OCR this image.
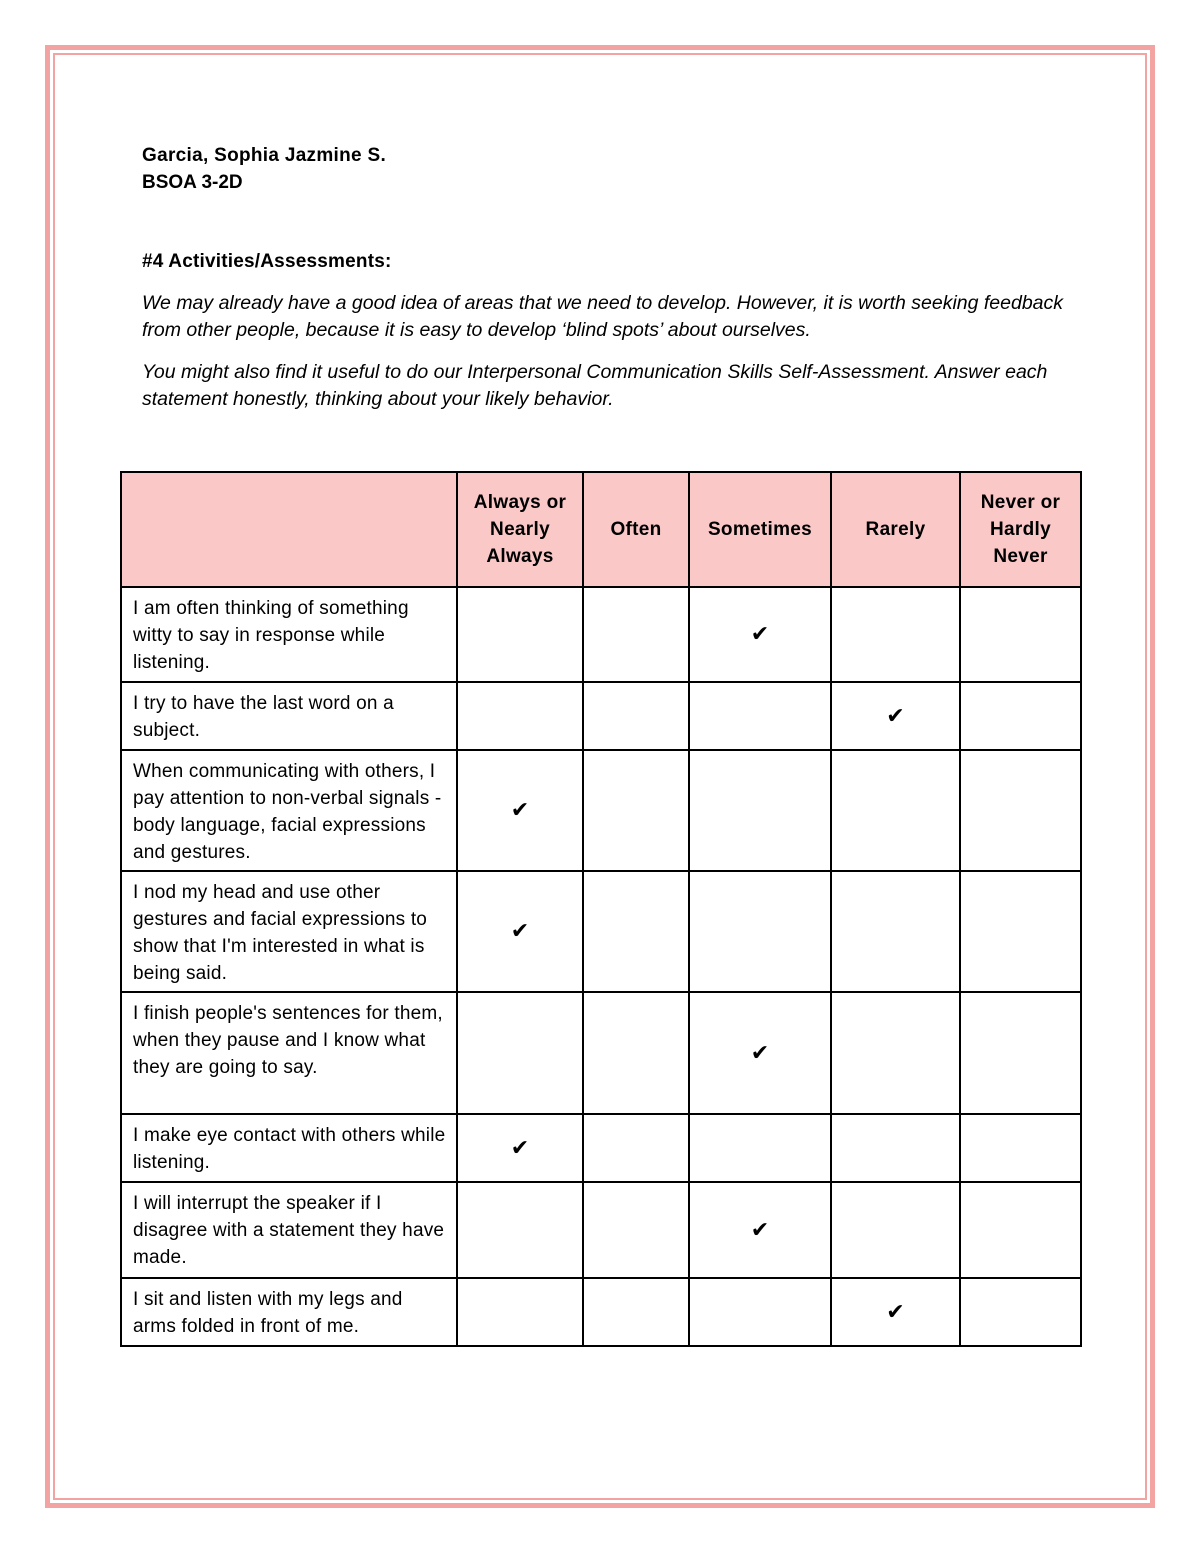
Garcia, Sophia Jazmine S.
BSOA 3-2D
#4 Activities/Assessments:

We may already have a good idea of areas that we need to develop. However, it is worth seeking feedback from other people, because it is easy to develop ‘blind spots’ about ourselves.

You might also find it useful to do our Interpersonal Communication Skills Self-Assessment. Answer each statement honestly, thinking about your likely behavior.

	Always or
Nearly
Always	Often	Sometimes	Rarely	Never or
Hardly
Never
I am often thinking of something witty to say in response while listening.			✔		
I try to have the last word on a subject.				✔	
When communicating with others, I pay attention to non-verbal signals - body language, facial expressions and gestures.	✔				
I nod my head and use other gestures and facial expressions to show that I'm interested in what is being said.	✔				
I finish people's sentences for them, when they pause and I know what they are going to say.			✔		
I make eye contact with others while listening.	✔				
I will interrupt the speaker if I disagree with a statement they have made.			✔		
I sit and listen with my legs and arms folded in front of me.				✔	
